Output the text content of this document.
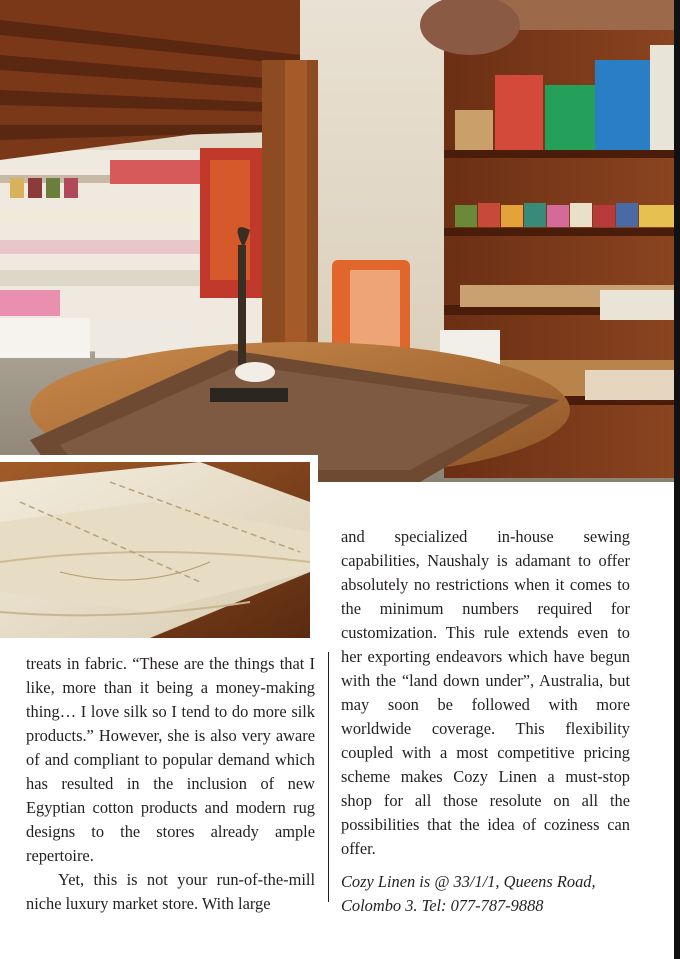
treats in fabric. “These are the things that I like, more than it being a money-making thing… I love silk so I tend to do more silk products.” However, she is also very aware of and compliant to popular demand which has resulted in the inclusion of new Egyptian cotton products and modern rug designs to the stores already ample repertoire.

Yet, this is not your run-of-the-mill niche luxury market store. With large

and specialized in-house sewing capabilities, Naushaly is adamant to offer absolutely no restrictions when it comes to the minimum numbers required for customization. This rule extends even to her exporting endeavors which have begun with the “land down under”, Australia, but may soon be followed with more worldwide coverage. This flexibility coupled with a most competitive pricing scheme makes Cozy Linen a must-stop shop for all those resolute on all the possibilities that the idea of coziness can offer.

Cozy Linen is @ 33/1/1, Queens Road, Colombo 3. Tel: 077-787-9888
